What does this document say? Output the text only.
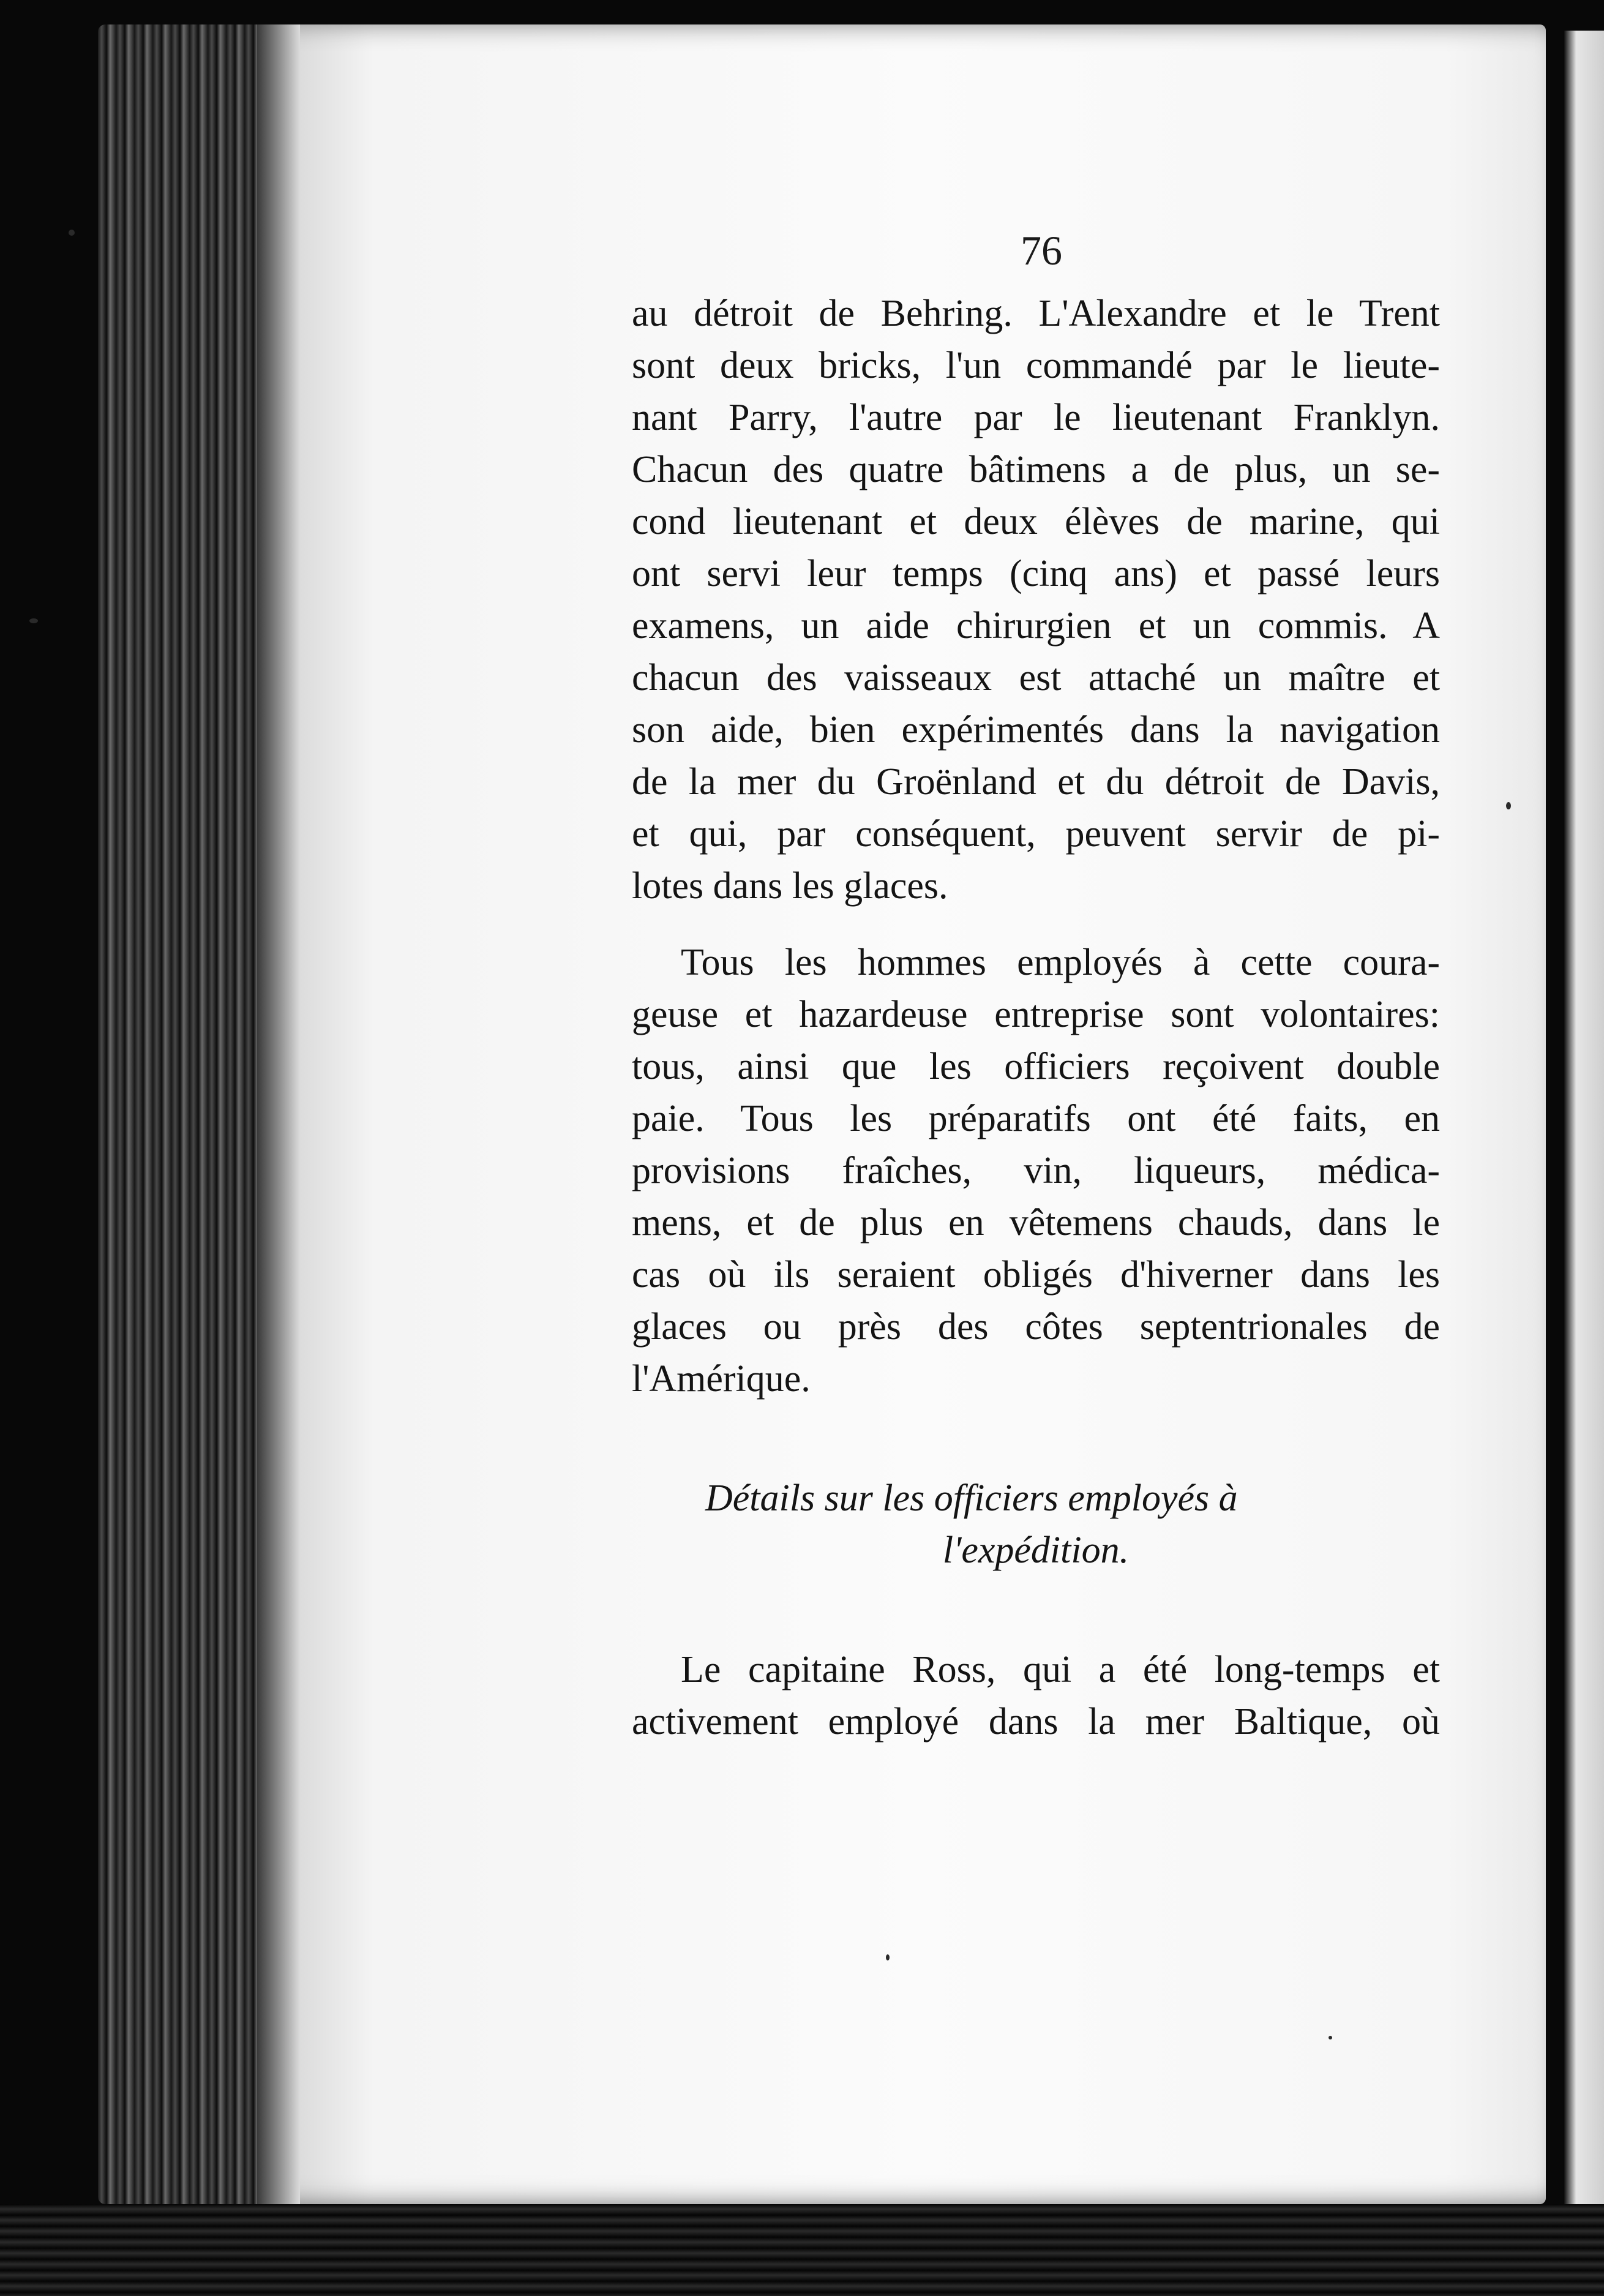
76
au détroit de Behring. L'Alexandre et le Trent
sont deux bricks, l'un commandé par le lieute-
nant Parry, l'autre par le lieutenant Franklyn.
Chacun des quatre bâtimens a de plus, un se-
cond lieutenant et deux élèves de marine, qui
ont servi leur temps (cinq ans) et passé leurs
examens, un aide chirurgien et un commis. A
chacun des vaisseaux est attaché un maître et
son aide, bien expérimentés dans la navigation
de la mer du Groënland et du détroit de Davis,
et qui, par conséquent, peuvent servir de pi-
lotes dans les glaces.
Tous les hommes employés à cette coura-
geuse et hazardeuse entreprise sont volontaires:
tous, ainsi que les officiers reçoivent double
paie. Tous les préparatifs ont été faits, en
provisions fraîches, vin, liqueurs, médica-
mens, et de plus en vêtemens chauds, dans le
cas où ils seraient obligés d'hiverner dans les
glaces ou près des côtes septentrionales de
l'Amérique.
Détails sur les officiers employés à
l'expédition.
Le capitaine Ross, qui a été long-temps et
activement employé dans la mer Baltique, où
